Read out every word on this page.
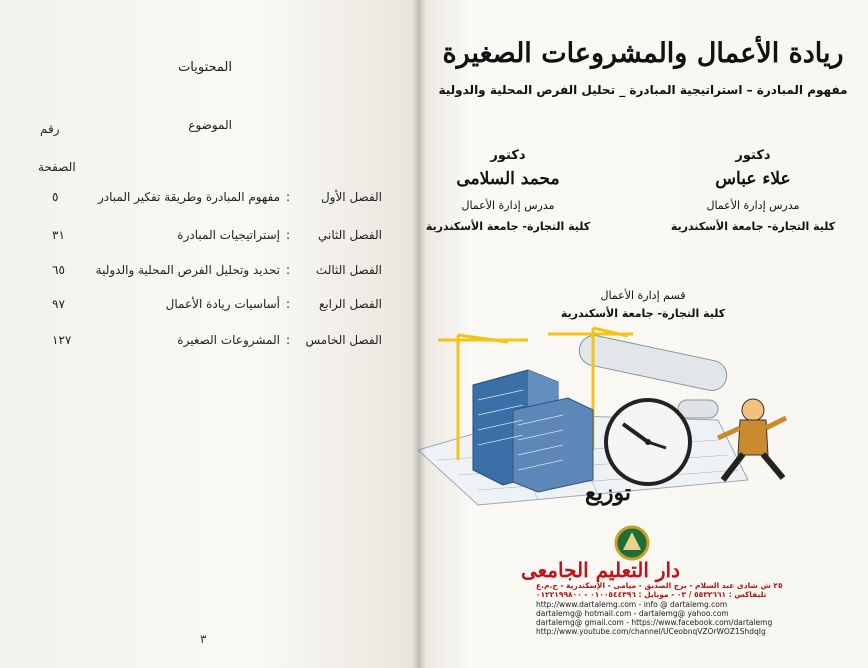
المحتويات
الموضوع
رقم
الصفحة
الفصل الأول
:
مفهوم المبادرة وطريقة تفكير المبادر
٥
الفصل الثاني
:
إستراتيجيات المبادرة
٣١
الفصل الثالث
:
تحديد وتحليل الفرص المحلية والدولية
٦٥
الفصل الرابع
:
أساسيات ريادة الأعمال
٩٧
الفصل الخامس
:
المشروعات الصغيرة
١٢٧
٣
ريادة الأعمال والمشروعات الصغيرة
مفهوم المبادرة – استراتيجية المبادرة _ تحليل الفرص المحلية والدولية
دكتور
علاء عباس
مدرس إدارة الأعمال
كلية التجارة- جامعة الأسكندرية
دكتور
محمد السلامى
مدرس إدارة الأعمال
كلية التجارة- جامعة الأسكندرية
قسم إدارة الأعمال
كلية التجارة- جامعة الأسكندرية
توزيع
دار التعليم الجامعى
٢٥ ش شادى عبد السلام - برج الصديق - ميامى - الإسكندرية - ج.م.ع
تليفاكس : ٥٥٣٢٦٦١ / ٠٣ - موبايل : ٠١٠٠٥٤٤٣٩٦ - ٠١٢٢١٩٩٨٠٠
http://www.dartalemg.com - info @ dartalemg.com
dartalemg@ hotmail.com - dartalemg@ yahoo.com
dartalemg@ gmail.com - https://www.facebook.com/dartalemg
http://www.youtube.com/channel/UCeobnqVZOrWOZ1ShdqIg
